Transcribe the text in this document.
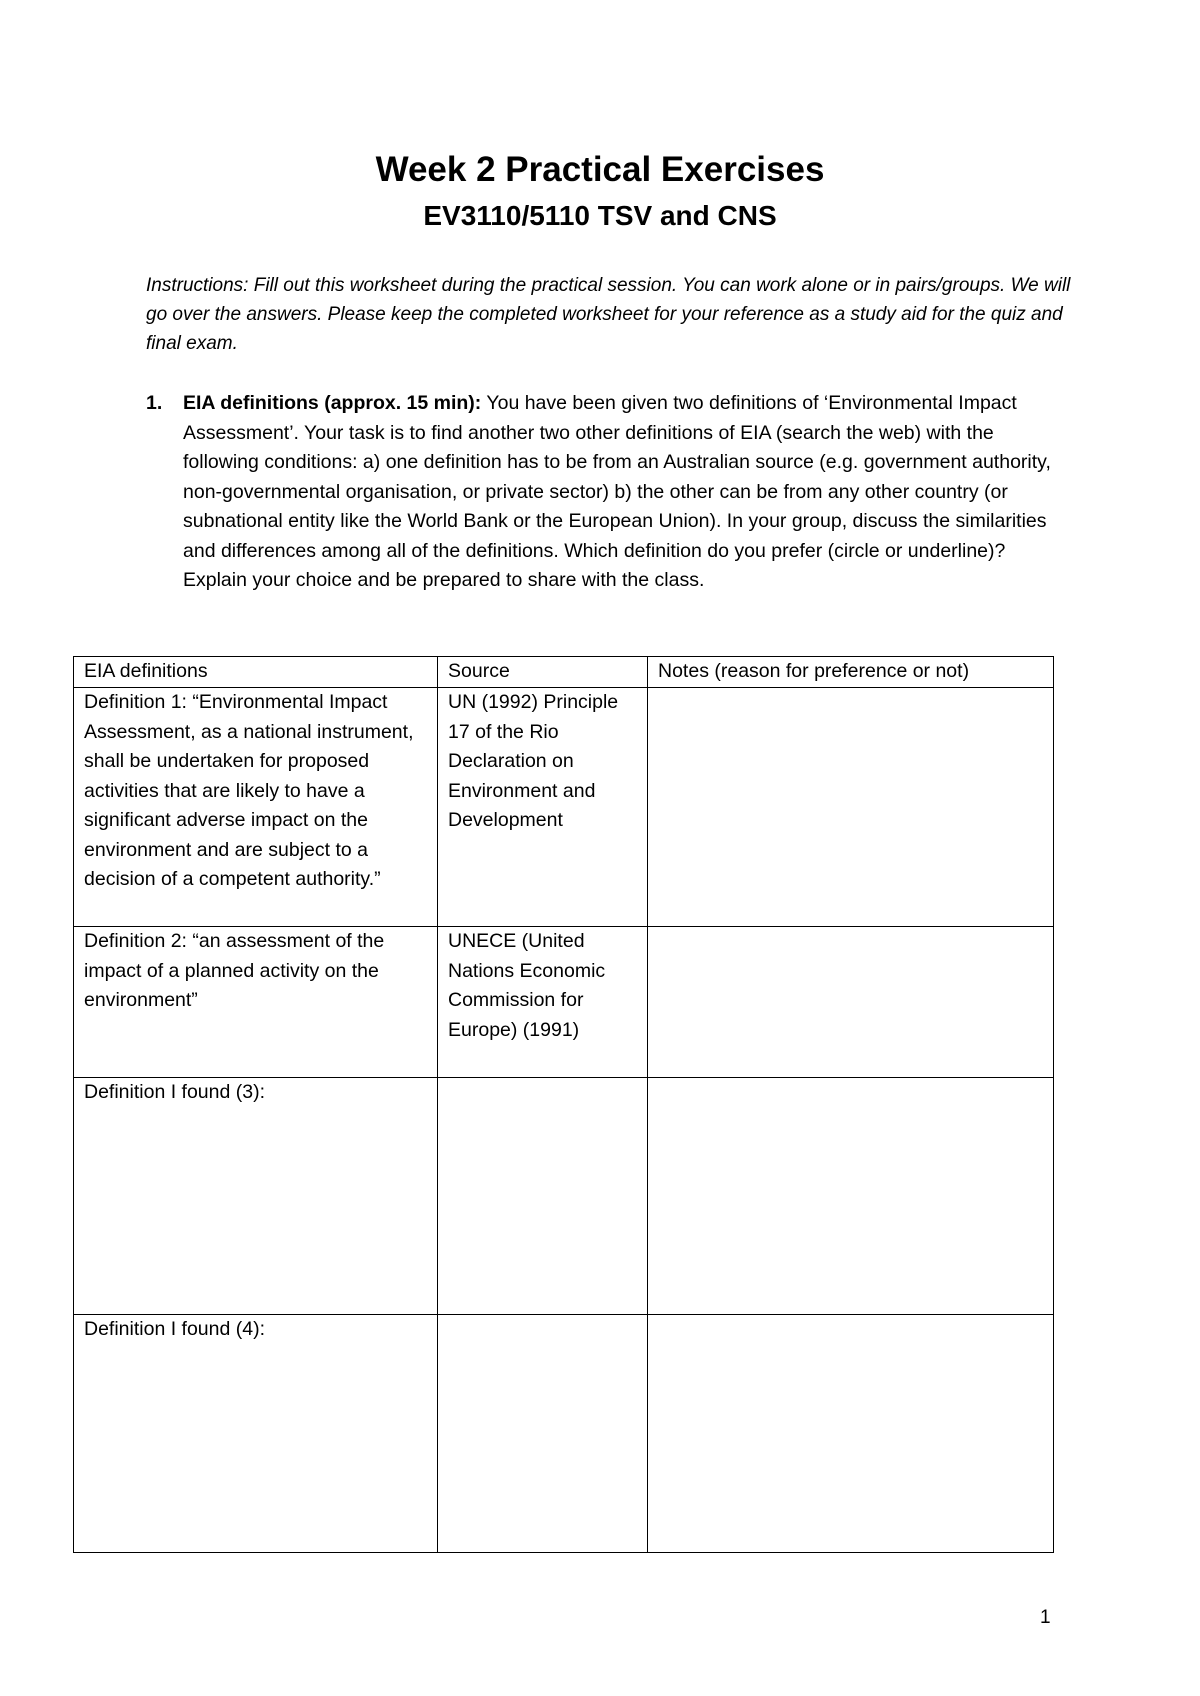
Week 2 Practical Exercises
EV3110/5110 TSV and CNS

Instructions: Fill out this worksheet during the practical session. You can work alone or in pairs/groups. We will go over the answers. Please keep the completed worksheet for your reference as a study aid for the quiz and final exam.

1. EIA definitions (approx. 15 min): You have been given two definitions of ‘Environmental Impact Assessment’. Your task is to find another two other definitions of EIA (search the web) with the following conditions: a) one definition has to be from an Australian source (e.g. government authority, non-governmental organisation, or private sector) b) the other can be from any other country (or subnational entity like the World Bank or the European Union). In your group, discuss the similarities and differences among all of the definitions. Which definition do you prefer (circle or underline)? Explain your choice and be prepared to share with the class.
EIA definitions	Source	Notes (reason for preference or not)
Definition 1: “Environmental Impact Assessment, as a national instrument, shall be undertaken for proposed activities that are likely to have a significant adverse impact on the environment and are subject to a decision of a competent authority.”	UN (1992) Principle 17 of the Rio Declaration on Environment and Development	
Definition 2: “an assessment of the impact of a planned activity on the environment”	UNECE (United Nations Economic Commission for Europe) (1991)	
Definition I found (3):		
Definition I found (4):		
1
